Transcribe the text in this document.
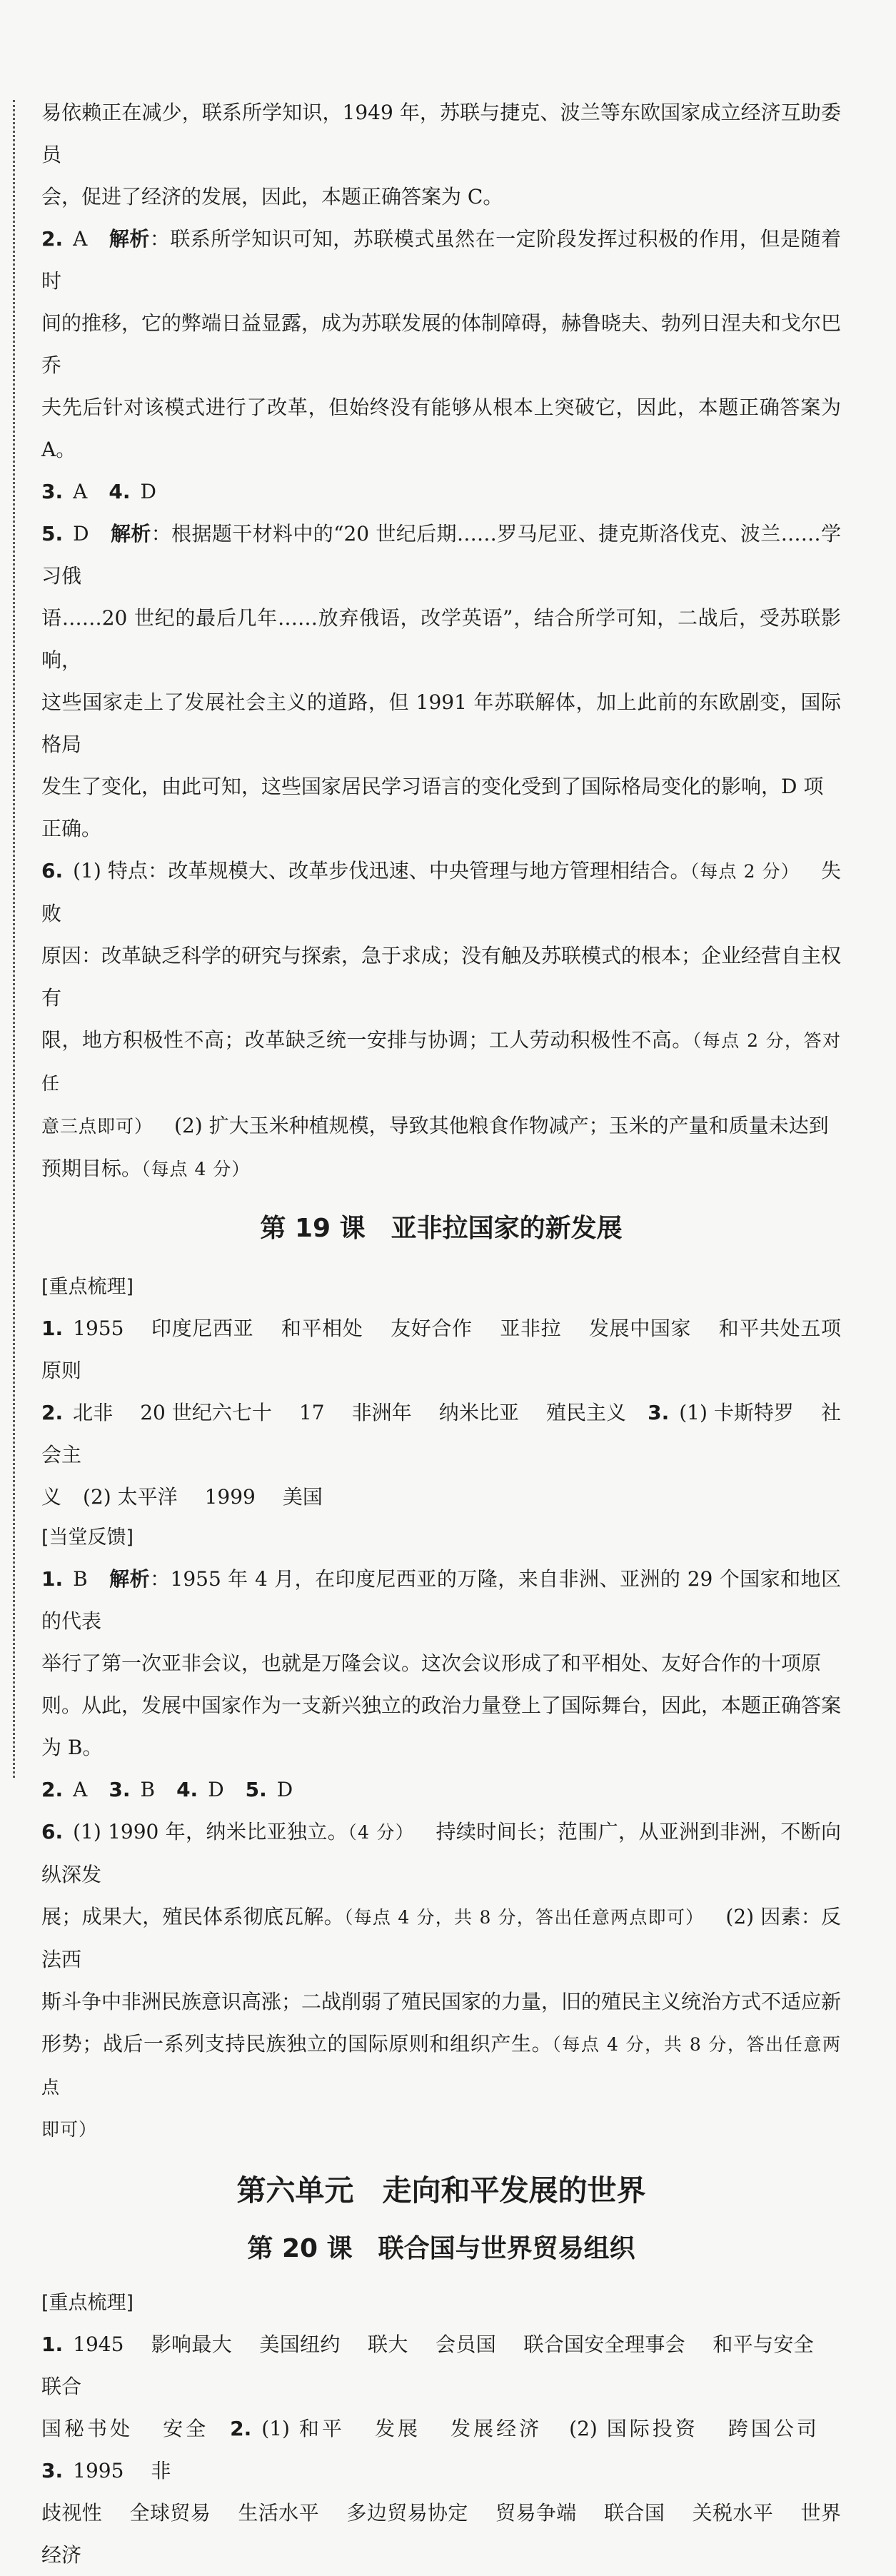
易依赖正在减少，联系所学知识，1949 年，苏联与捷克、波兰等东欧国家成立经济互助委员
会，促进了经济的发展，因此，本题正确答案为 C。

2. A 解析：联系所学知识可知，苏联模式虽然在一定阶段发挥过积极的作用，但是随着时
间的推移，它的弊端日益显露，成为苏联发展的体制障碍，赫鲁晓夫、勃列日涅夫和戈尔巴乔
夫先后针对该模式进行了改革，但始终没有能够从根本上突破它，因此，本题正确答案为 A。

3. A 4. D

5. D 解析：根据题干材料中的“20 世纪后期……罗马尼亚、捷克斯洛伐克、波兰……学习俄
语……20 世纪的最后几年……放弃俄语，改学英语”，结合所学可知，二战后，受苏联影响，
这些国家走上了发展社会主义的道路，但 1991 年苏联解体，加上此前的东欧剧变，国际格局
发生了变化，由此可知，这些国家居民学习语言的变化受到了国际格局变化的影响，D 项
正确。

6. (1) 特点：改革规模大、改革步伐迅速、中央管理与地方管理相结合。（每点 2 分） 失败
原因：改革缺乏科学的研究与探索，急于求成；没有触及苏联模式的根本；企业经营自主权有
限，地方积极性不高；改革缺乏统一安排与协调；工人劳动积极性不高。（每点 2 分，答对任
意三点即可） (2) 扩大玉米种植规模，导致其他粮食作物减产；玉米的产量和质量未达到
预期目标。（每点 4 分）

第 19 课 亚非拉国家的新发展
[重点梳理]

1. 1955 印度尼西亚 和平相处 友好合作 亚非拉 发展中国家 和平共处五项原则

2. 北非 20 世纪六七十 17 非洲年 纳米比亚 殖民主义 3. (1) 卡斯特罗 社会主
义 (2) 太平洋 1999 美国

[当堂反馈]

1. B 解析：1955 年 4 月，在印度尼西亚的万隆，来自非洲、亚洲的 29 个国家和地区的代表
举行了第一次亚非会议，也就是万隆会议。这次会议形成了和平相处、友好合作的十项原
则。从此，发展中国家作为一支新兴独立的政治力量登上了国际舞台，因此，本题正确答案
为 B。

2. A 3. B 4. D 5. D

6. (1) 1990 年，纳米比亚独立。（4 分） 持续时间长；范围广，从亚洲到非洲，不断向纵深发
展；成果大，殖民体系彻底瓦解。（每点 4 分，共 8 分，答出任意两点即可） (2) 因素：反法西
斯斗争中非洲民族意识高涨；二战削弱了殖民国家的力量，旧的殖民主义统治方式不适应新
形势；战后一系列支持民族独立的国际原则和组织产生。（每点 4 分，共 8 分，答出任意两点
即可）

第六单元 走向和平发展的世界
第 20 课 联合国与世界贸易组织
[重点梳理]

1. 1945 影响最大 美国纽约 联大 会员国 联合国安全理事会 和平与安全联合
国秘书处 安全 2. (1) 和平 发展 发展经济 (2) 国际投资 跨国公司3. 1995 非
歧视性 全球贸易 生活水平 多边贸易协定 贸易争端 联合国 关税水平 世界经济
